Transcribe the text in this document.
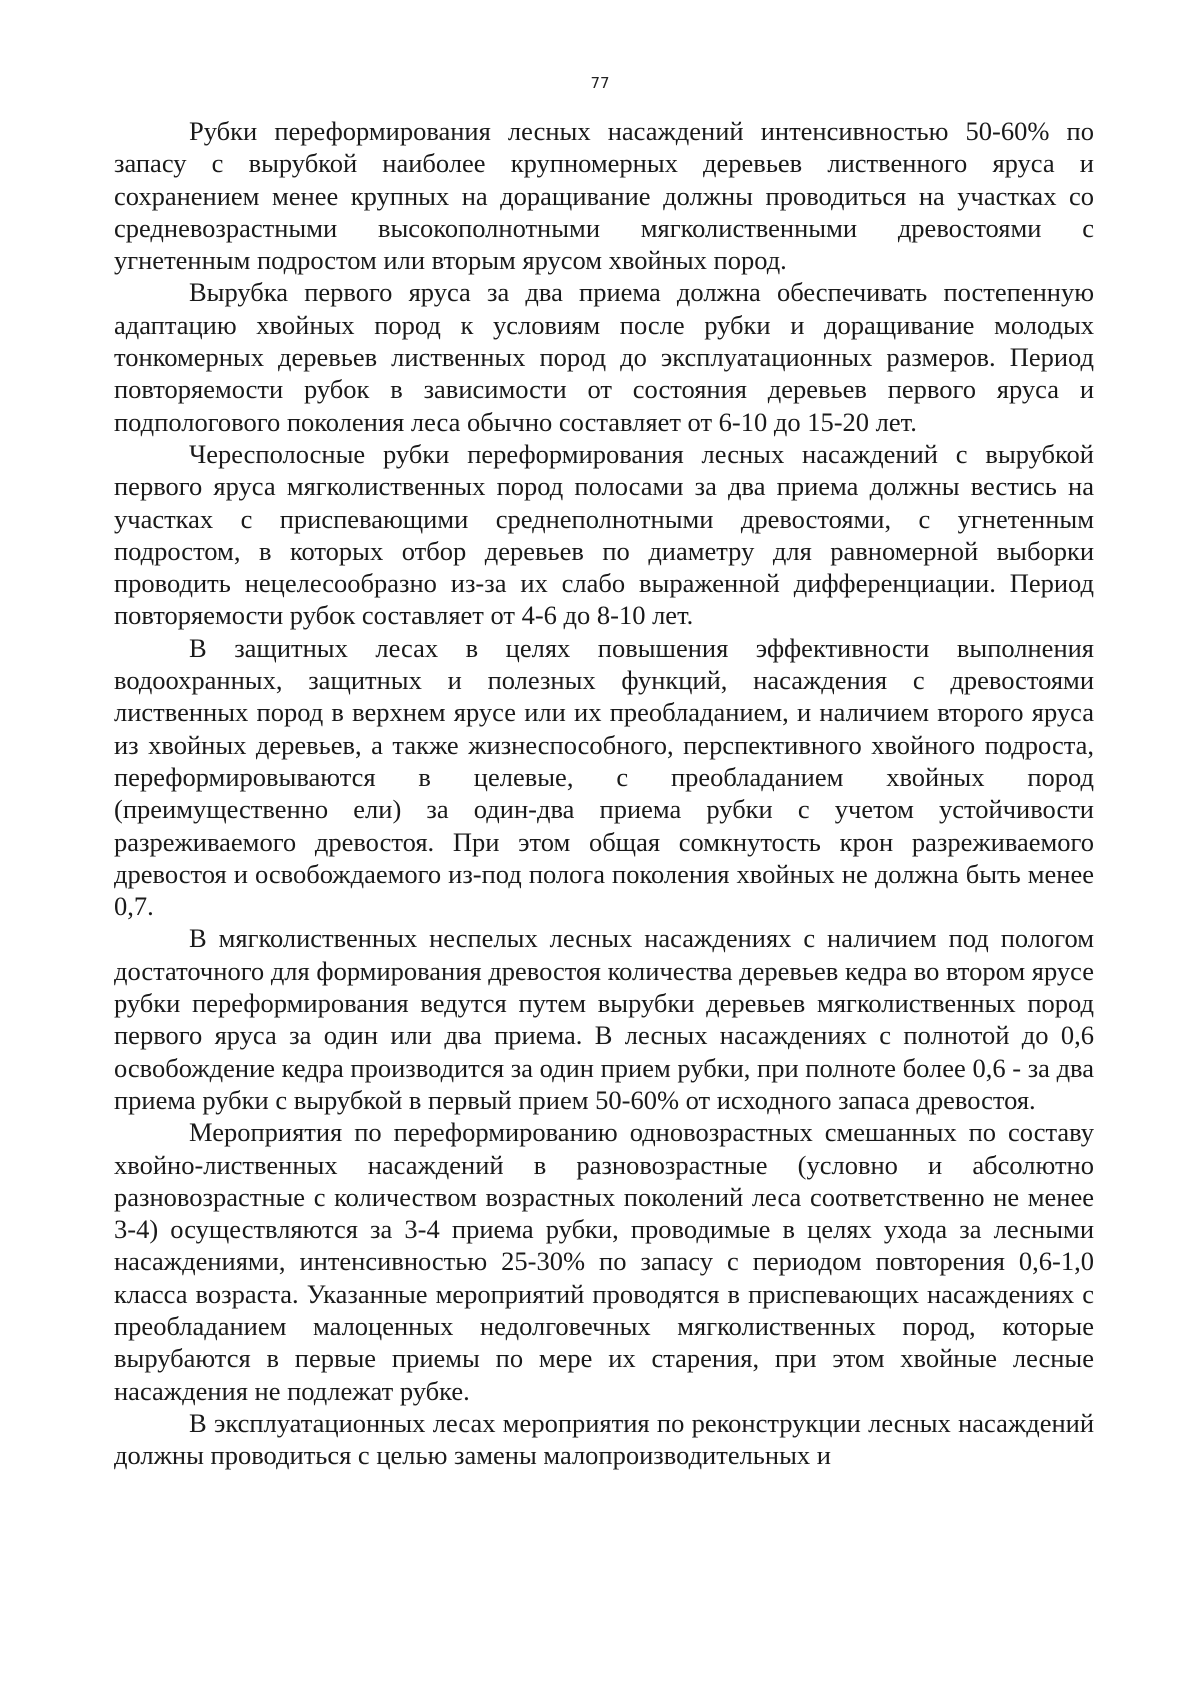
77

Рубки переформирования лесных насаждений интенсивностью 50-60% по запасу с вырубкой наиболее крупномерных деревьев лиственного яруса и сохранением менее крупных на доращивание должны проводиться на участках со средневозрастными высокополнотными мягколиственными древостоями с угнетенным подростом или вторым ярусом хвойных пород.

Вырубка первого яруса за два приема должна обеспечивать постепенную адаптацию хвойных пород к условиям после рубки и доращивание молодых тонкомерных деревьев лиственных пород до эксплуатационных размеров. Период повторяемости рубок в зависимости от состояния деревьев первого яруса и подпологового поколения леса обычно составляет от 6-10 до 15-20 лет.

Чересполосные рубки переформирования лесных насаждений с вырубкой первого яруса мягколиственных пород полосами за два приема должны вестись на участках с приспевающими среднеполнотными древостоями, с угнетенным подростом, в которых отбор деревьев по диаметру для равномерной выборки проводить нецелесообразно из-за их слабо выраженной дифференциации. Период повторяемости рубок составляет от 4-6 до 8-10 лет.

В защитных лесах в целях повышения эффективности выполнения водоохранных, защитных и полезных функций, насаждения с древостоями лиственных пород в верхнем ярусе или их преобладанием, и наличием второго яруса из хвойных деревьев, а также жизнеспособного, перспективного хвойного подроста, переформировываются в целевые, с преобладанием хвойных пород (преимущественно ели) за один-два приема рубки с учетом устойчивости разреживаемого древостоя. При этом общая сомкнутость крон разреживаемого древостоя и освобождаемого из-под полога поколения хвойных не должна быть менее 0,7.

В мягколиственных неспелых лесных насаждениях с наличием под пологом достаточного для формирования древостоя количества деревьев кедра во втором ярусе рубки переформирования ведутся путем вырубки деревьев мягколиственных пород первого яруса за один или два приема. В лесных насаждениях с полнотой до 0,6 освобождение кедра производится за один прием рубки, при полноте более 0,6 - за два приема рубки с вырубкой в первый прием 50-60% от исходного запаса древостоя.

Мероприятия по переформированию одновозрастных смешанных по составу хвойно-лиственных насаждений в разновозрастные (условно и абсолютно разновозрастные с количеством возрастных поколений леса соответственно не менее 3-4) осуществляются за 3-4 приема рубки, проводимые в целях ухода за лесными насаждениями, интенсивностью 25-30% по запасу с периодом повторения 0,6-1,0 класса возраста. Указанные мероприятий проводятся в приспевающих насаждениях с преобладанием малоценных недолговечных мягколиственных пород, которые вырубаются в первые приемы по мере их старения, при этом хвойные лесные насаждения не подлежат рубке.

В эксплуатационных лесах мероприятия по реконструкции лесных насаждений должны проводиться с целью замены малопроизводительных и
